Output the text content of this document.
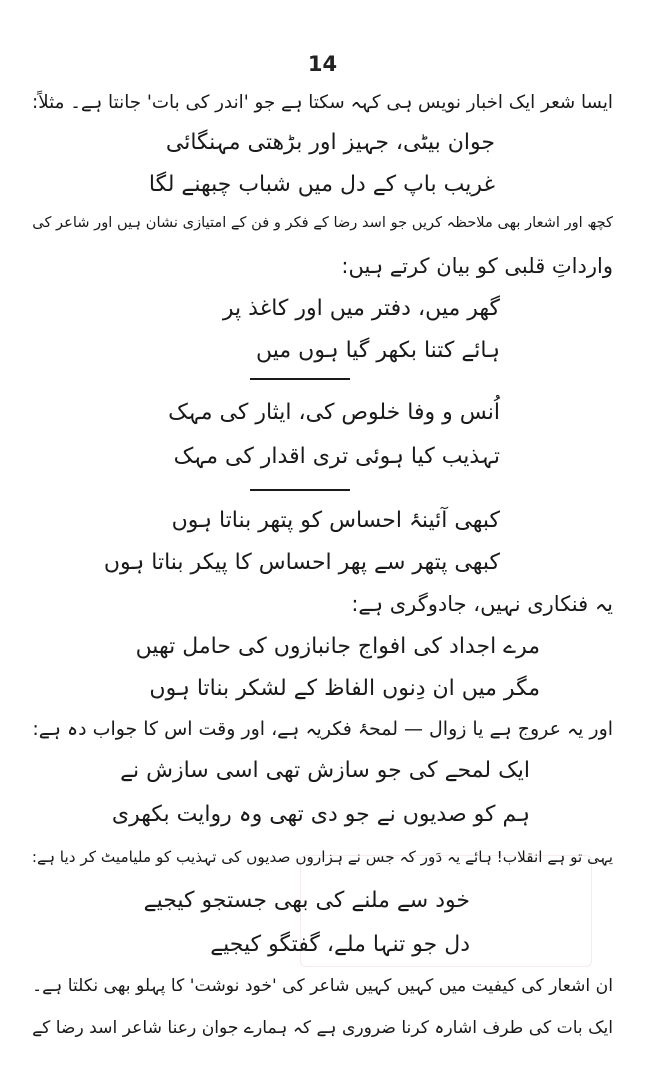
14
ایسا شعر ایک اخبار نویس ہی کہہ سکتا ہے جو 'اندر کی بات' جانتا ہے۔ مثلاً:
جوان بیٹی، جہیز اور بڑھتی مہنگائی
غریب باپ کے دل میں شباب چبھنے لگا
کچھ اور اشعار بھی ملاحظہ کریں جو اسد رضا کے فکر و فن کے امتیازی نشان ہیں اور شاعر کی
وارداتِ قلبی کو بیان کرتے ہیں:
گھر میں، دفتر میں اور کاغذ پر
ہائے کتنا بکھر گیا ہوں میں
اُنس و وفا خلوص کی، ایثار کی مہک
تہذیب کیا ہوئی تری اقدار کی مہک
کبھی آئینۂ احساس کو پتھر بناتا ہوں
کبھی پتھر سے پھر احساس کا پیکر بناتا ہوں
یہ فنکاری نہیں، جادوگری ہے:
مرے اجداد کی افواج جانبازوں کی حامل تھیں
مگر میں ان دِنوں الفاظ کے لشکر بناتا ہوں
اور یہ عروج ہے یا زوال — لمحۂ فکریہ ہے، اور وقت اس کا جواب دہ ہے:
ایک لمحے کی جو سازش تھی اسی سازش نے
ہم کو صدیوں نے جو دی تھی وہ روایت بکھری
یہی تو ہے انقلاب! ہائے یہ دَور کہ جس نے ہزاروں صدیوں کی تہذیب کو ملیامیٹ کر دیا ہے:
خود سے ملنے کی بھی جستجو کیجیے
دل جو تنہا ملے، گفتگو کیجیے
ان اشعار کی کیفیت میں کہیں کہیں شاعر کی 'خود نوشت' کا پہلو بھی نکلتا ہے۔
ایک بات کی طرف اشارہ کرنا ضروری ہے کہ ہمارے جوان رعنا شاعر اسد رضا کے
